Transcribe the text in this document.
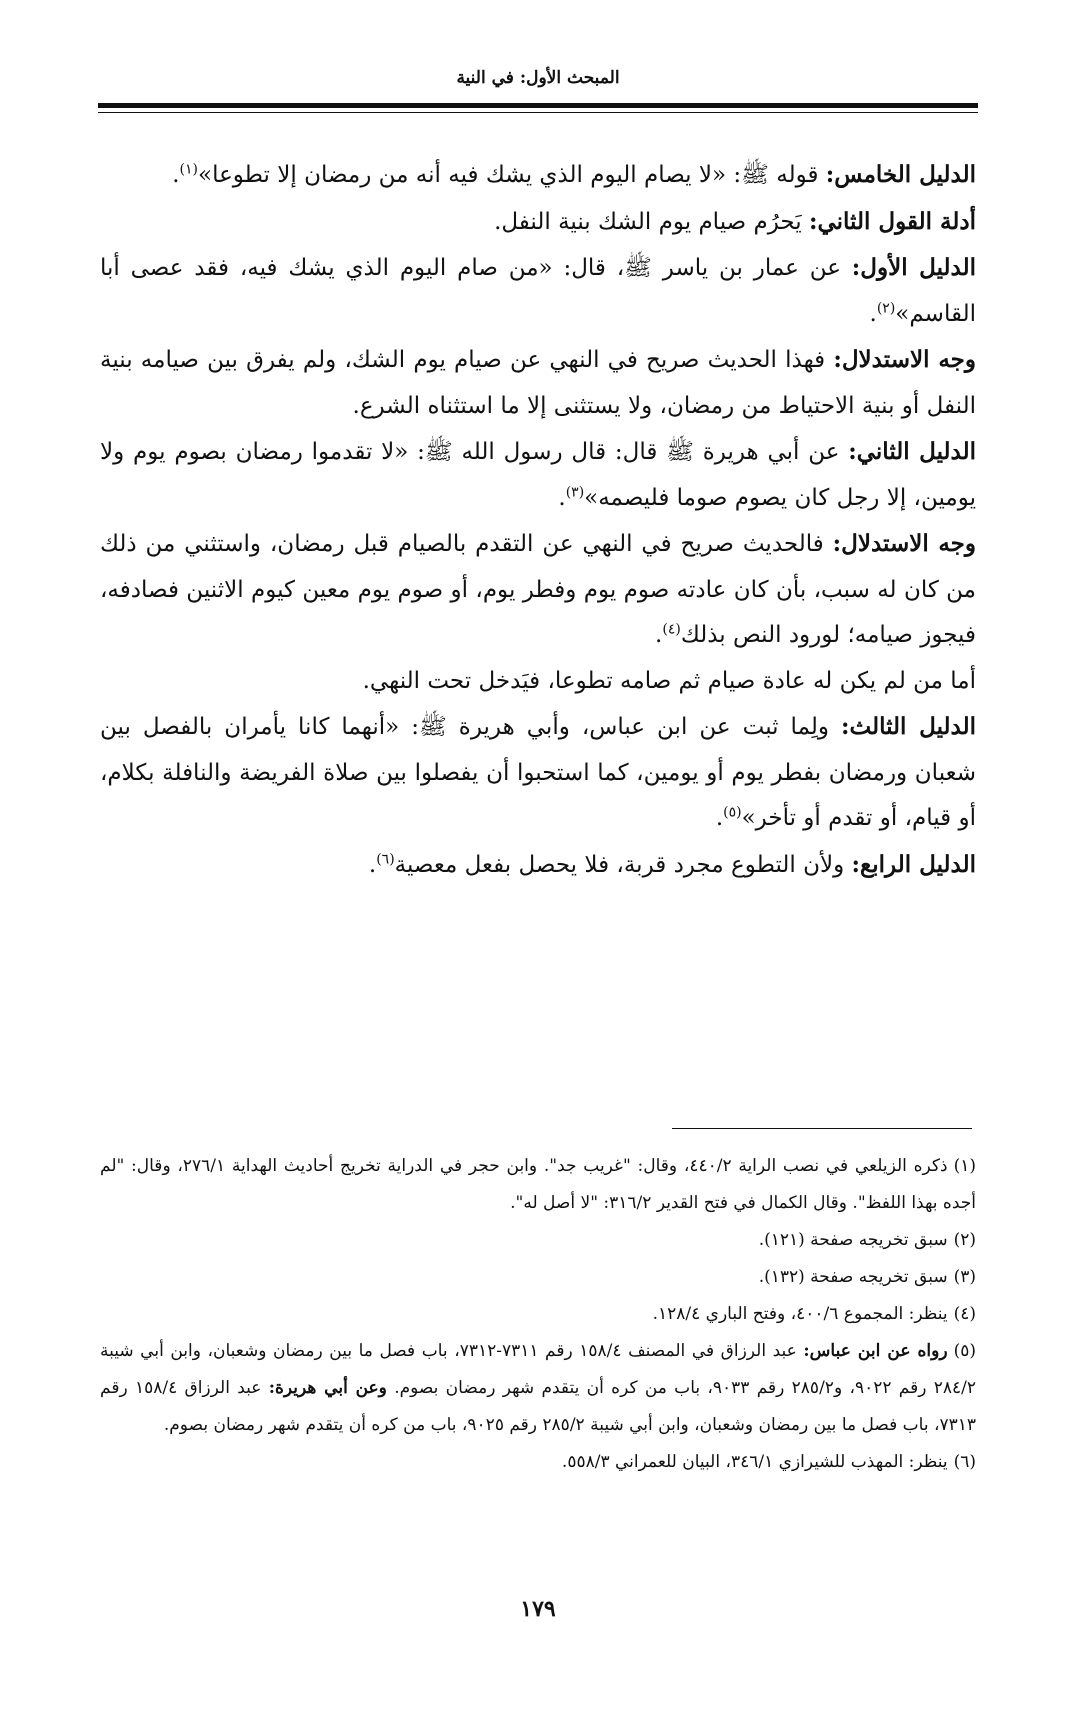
المبحث الأول: في النية

الدليل الخامس: قوله ﷺ: «لا يصام اليوم الذي يشك فيه أنه من رمضان إلا تطوعا»$^{(١)}$.

أدلة القول الثاني: يَحرُم صيام يوم الشك بنية النفل.

الدليل الأول: عن عمار بن ياسر ﷺ، قال: «من صام اليوم الذي يشك فيه، فقد عصى أبا القاسم»$^{(٢)}$.

وجه الاستدلال: فهذا الحديث صريح في النهي عن صيام يوم الشك، ولم يفرق بين صيامه بنية النفل أو بنية الاحتياط من رمضان، ولا يستثنى إلا ما استثناه الشرع.

الدليل الثاني: عن أبي هريرة ﷺ قال: قال رسول الله ﷺ: «لا تقدموا رمضان بصوم يوم ولا يومين، إلا رجل كان يصوم صوما فليصمه»$^{(٣)}$.

وجه الاستدلال: فالحديث صريح في النهي عن التقدم بالصيام قبل رمضان، واستثني من ذلك من كان له سبب، بأن كان عادته صوم يوم وفطر يوم، أو صوم يوم معين كيوم الاثنين فصادفه، فيجوز صيامه؛ لورود النص بذلك$^{(٤)}$.

أما من لم يكن له عادة صيام ثم صامه تطوعا، فيَدخل تحت النهي.

الدليل الثالث: ولِما ثبت عن ابن عباس، وأبي هريرة ﷺ: «أنهما كانا يأمران بالفصل بين شعبان ورمضان بفطر يوم أو يومين، كما استحبوا أن يفصلوا بين صلاة الفريضة والنافلة بكلام، أو قيام، أو تقدم أو تأخر»$^{(٥)}$.

الدليل الرابع: ولأن التطوع مجرد قربة، فلا يحصل بفعل معصية$^{(٦)}$.

(١)ذكره الزيلعي في نصب الراية ٤٤٠/٢، وقال: "غريب جد". وابن حجر في الدراية تخريج أحاديث الهداية ٢٧٦/١، وقال: "لم أجده بهذا اللفظ". وقال الكمال في فتح القدير ٣١٦/٢: "لا أصل له".

(٢)سبق تخريجه صفحة (١٢١).

(٣)سبق تخريجه صفحة (١٣٢).

(٤)ينظر: المجموع ٤٠٠/٦، وفتح الباري ١٢٨/٤.

(٥)رواه عن ابن عباس: عبد الرزاق في المصنف ١٥٨/٤ رقم ٧٣١١-٧٣١٢، باب فصل ما بين رمضان وشعبان، وابن أبي شيبة ٢٨٤/٢ رقم ٩٠٢٢، و٢٨٥/٢ رقم ٩٠٣٣، باب من كره أن يتقدم شهر رمضان بصوم. وعن أبي هريرة: عبد الرزاق ١٥٨/٤ رقم ٧٣١٣، باب فصل ما بين رمضان وشعبان، وابن أبي شيبة ٢٨٥/٢ رقم ٩٠٢٥، باب من كره أن يتقدم شهر رمضان بصوم.

(٦)ينظر: المهذب للشيرازي ٣٤٦/١، البيان للعمراني ٥٥٨/٣.

١٧٩
